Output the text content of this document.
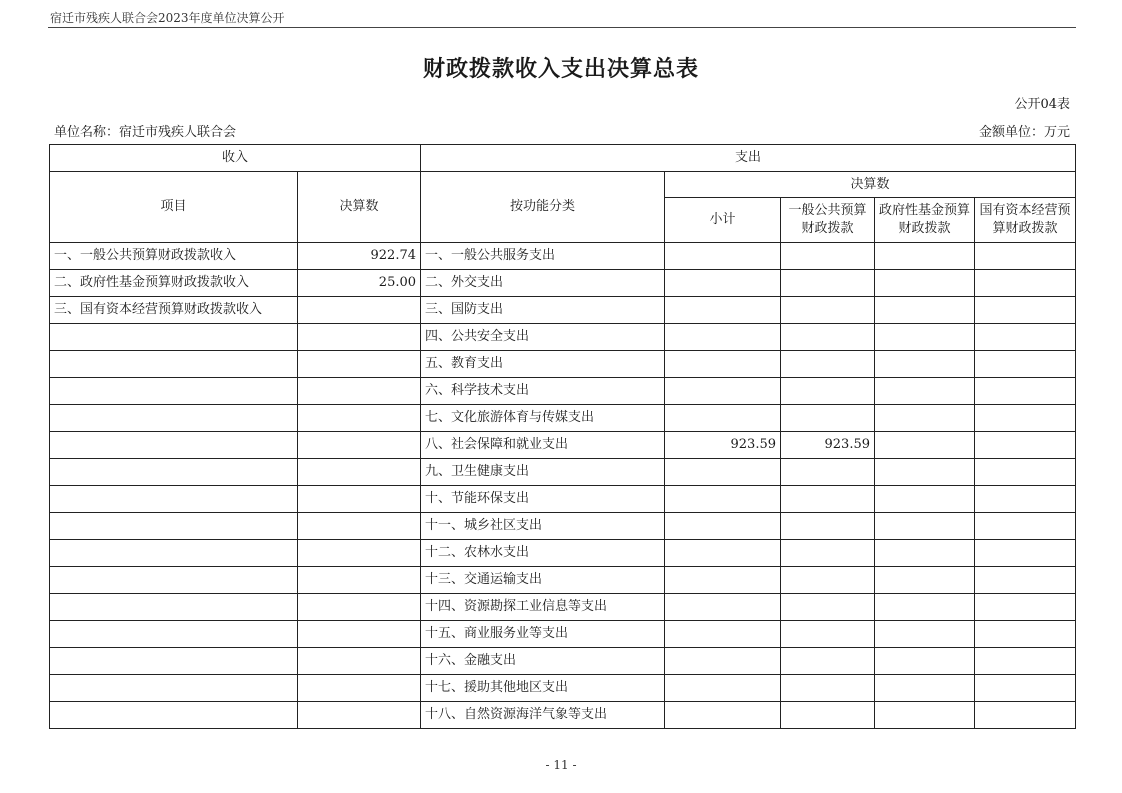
宿迁市残疾人联合会2023年度单位决算公开
财政拨款收入支出决算总表
公开04表
单位名称：宿迁市残疾人联合会	金额单位：万元
收入		支出				
项目	决算数	按功能分类	决算数			
			小计	一般公共预算财政拨款	政府性基金预算财政拨款	国有资本经营预算财政拨款
一、一般公共预算财政拨款收入	922.74	一、一般公共服务支出				
二、政府性基金预算财政拨款收入	25.00	二、外交支出				
三、国有资本经营预算财政拨款收入		三、国防支出				
		四、公共安全支出				
		五、教育支出				
		六、科学技术支出				
		七、文化旅游体育与传媒支出				
		八、社会保障和就业支出	923.59	923.59		
		九、卫生健康支出				
		十、节能环保支出				
		十一、城乡社区支出				
		十二、农林水支出				
		十三、交通运输支出				
		十四、资源勘探工业信息等支出				
		十五、商业服务业等支出				
		十六、金融支出				
		十七、援助其他地区支出				
		十八、自然资源海洋气象等支出				
- 11 -
